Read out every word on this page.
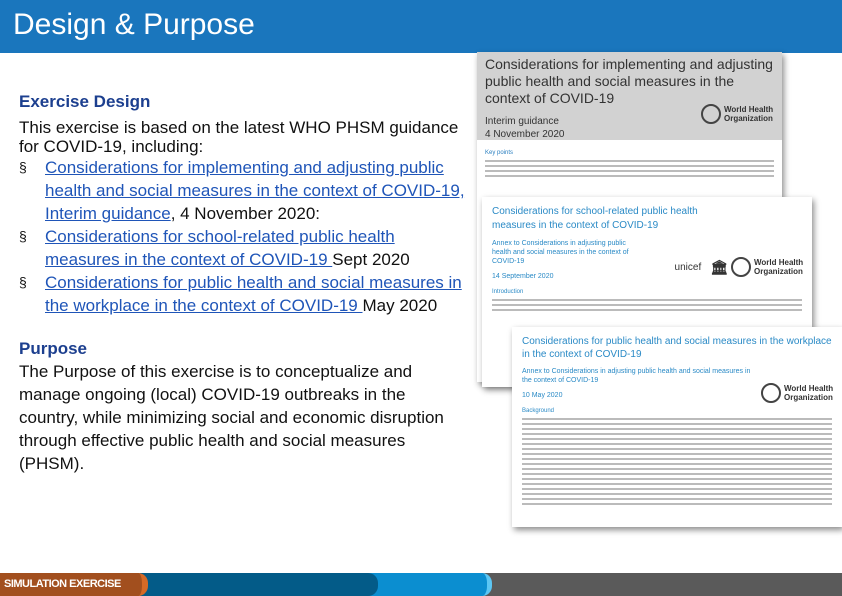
Design & Purpose
Exercise Design
This exercise is based on the latest WHO PHSM guidance for COVID-19, including:
§ Considerations for implementing and adjusting public health and social measures in the context of COVID-19, Interim guidance, 4 November 2020:
§ Considerations for school-related public health measures in the context of COVID-19 Sept 2020
§ Considerations for public health and social measures in the workplace in the context of COVID-19 May 2020
Purpose
The Purpose of this exercise is to conceptualize and manage ongoing (local) COVID-19 outbreaks in the country, while minimizing social and economic disruption through effective public health and social measures (PHSM).
Considerations for implementing and adjusting public health and social measures in the context of COVID-19
Interim guidance
4 November 2020
World Health Organization
Key points
Considerations for school-related public health measures in the context of COVID-19
Annex to Considerations in adjusting public health and social measures in the context of COVID-19
14 September 2020
unicef 🏛	World Health Organization
Introduction
Considerations for public health and social measures in the workplace in the context of COVID-19
Annex to Considerations in adjusting public health and social measures in the context of COVID-19
10 May 2020
World Health Organization
Background
SIMULATION EXERCISE
